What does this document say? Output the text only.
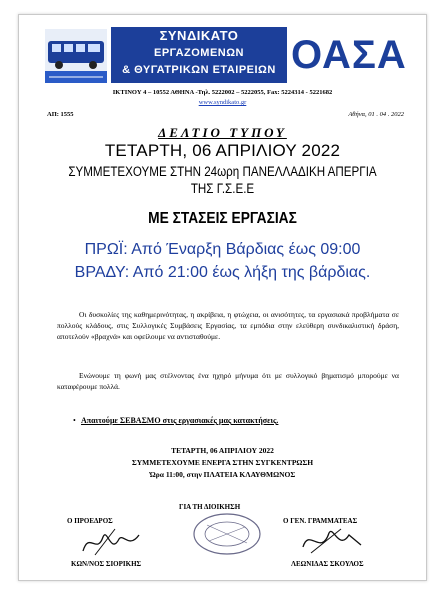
ΣΥΝΔΙΚΑΤΟ
ΕΡΓΑΖΟΜΕΝΩΝ
& ΘΥΓΑΤΡΙΚΩΝ ΕΤΑΙΡΕΙΩΝ ΟΑΣΑ
ΙΚΤΙΝΟΥ 4 – 10552 ΑΘΗΝΑ -Τηλ. 5222002 – 5222055, Fax: 5224314 - 5221682
www.syndikato.gr
ΑΠ: 1555	Αθήνα, 01 . 04 . 2022
ΔΕΛΤΙΟ ΤΥΠΟΥ
ΤΕΤΑΡΤΗ, 06 ΑΠΡΙΛΙΟΥ 2022
ΣΥΜΜΕΤΕΧΟΥΜΕ ΣΤΗΝ 24ωρη ΠΑΝΕΛΛΑΔΙΚΗ ΑΠΕΡΓΙΑ
ΤΗΣ Γ.Σ.Ε.Ε
ΜΕ ΣΤΑΣΕΙΣ ΕΡΓΑΣΙΑΣ
ΠΡΩΪ: Από Έναρξη Βάρδιας έως 09:00
ΒΡΑΔΥ: Από 21:00 έως λήξη της βάρδιας.
Οι δυσκολίες της καθημερινότητας, η ακρίβεια, η φτώχεια, οι ανισότητες, τα εργασιακά προβλήματα σε πολλούς κλάδους, στις Συλλογικές Συμβάσεις Εργασίας, τα εμπόδια στην ελεύθερη συνδικαλιστική δράση, αποτελούν «βραχνά» και οφείλουμε να αντισταθούμε.
Ενώνουμε τη φωνή μας στέλνοντας ένα ηχηρό μήνυμα ότι με συλλογικό βηματισμό μπορούμε να καταφέρουμε πολλά.
• Απαιτούμε ΣΕΒΑΣΜΟ στις εργασιακές μας κατακτήσεις.
ΤΕΤΑΡΤΗ, 06 ΑΠΡΙΛΙΟΥ 2022
ΣΥΜΜΕΤΕΧΟΥΜΕ ΕΝΕΡΓΑ ΣΤΗΝ ΣΥΓΚΕΝΤΡΩΣΗ
Ώρα 11:00, στην ΠΛΑΤΕΙΑ ΚΛΑΥΘΜΩΝΟΣ
ΓΙΑ ΤΗ ΔΙΟΙΚΗΣΗ
Ο ΠΡΟΕΔΡΟΣ	Ο ΓΕΝ. ΓΡΑΜΜΑΤΕΑΣ
ΚΩΝ/ΝΟΣ ΣΙΟΡΙΚΗΣ	ΛΕΩΝΙΔΑΣ ΣΚΟΥΛΟΣ
